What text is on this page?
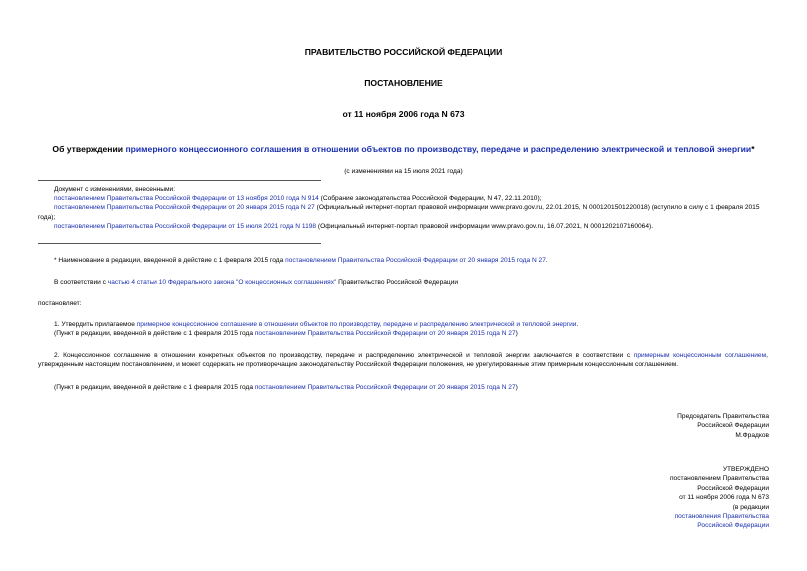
ПРАВИТЕЛЬСТВО РОССИЙСКОЙ ФЕДЕРАЦИИ
ПОСТАНОВЛЕНИЕ
от 11 ноября 2006 года N 673
Об утверждении примерного концессионного соглашения в отношении объектов по производству, передаче и распределению электрической и тепловой энергии*
(с изменениями на 15 июля 2021 года)
Документ с изменениями, внесенными:
постановлением Правительства Российской Федерации от 13 ноября 2010 года N 914 (Собрание законодательства Российской Федерации, N 47, 22.11.2010);
постановлением Правительства Российской Федерации от 20 января 2015 года N 27 (Официальный интернет-портал правовой информации www.pravo.gov.ru, 22.01.2015, N 0001201501220018) (вступило в силу с 1 февраля 2015 года);
постановлением Правительства Российской Федерации от 15 июля 2021 года N 1198 (Официальный интернет-портал правовой информации www.pravo.gov.ru, 16.07.2021, N 0001202107160064).
* Наименование в редакции, введенной в действие с 1 февраля 2015 года постановлением Правительства Российской Федерации от 20 января 2015 года N 27.
В соответствии с частью 4 статьи 10 Федерального закона "О концессионных соглашениях" Правительство Российской Федерации
постановляет:
1. Утвердить прилагаемое примерное концессионное соглашение в отношении объектов по производству, передаче и распределению электрической и тепловой энергии.
(Пункт в редакции, введенной в действие с 1 февраля 2015 года постановлением Правительства Российской Федерации от 20 января 2015 года N 27)
2. Концессионное соглашение в отношении конкретных объектов по производству, передаче и распределению электрической и тепловой энергии заключается в соответствии с примерным концессионным соглашением, утвержденным настоящим постановлением, и может содержать не противоречащие законодательству Российской Федерации положения, не урегулированные этим примерным концессионным соглашением.
(Пункт в редакции, введенной в действие с 1 февраля 2015 года постановлением Правительства Российской Федерации от 20 января 2015 года N 27)
Председатель Правительства
Российской Федерации
М.Фрадков
УТВЕРЖДЕНО
постановлением Правительства
Российской Федерации
от 11 ноября 2006 года N 673
(в редакции
постановления Правительства
Российской Федерации
